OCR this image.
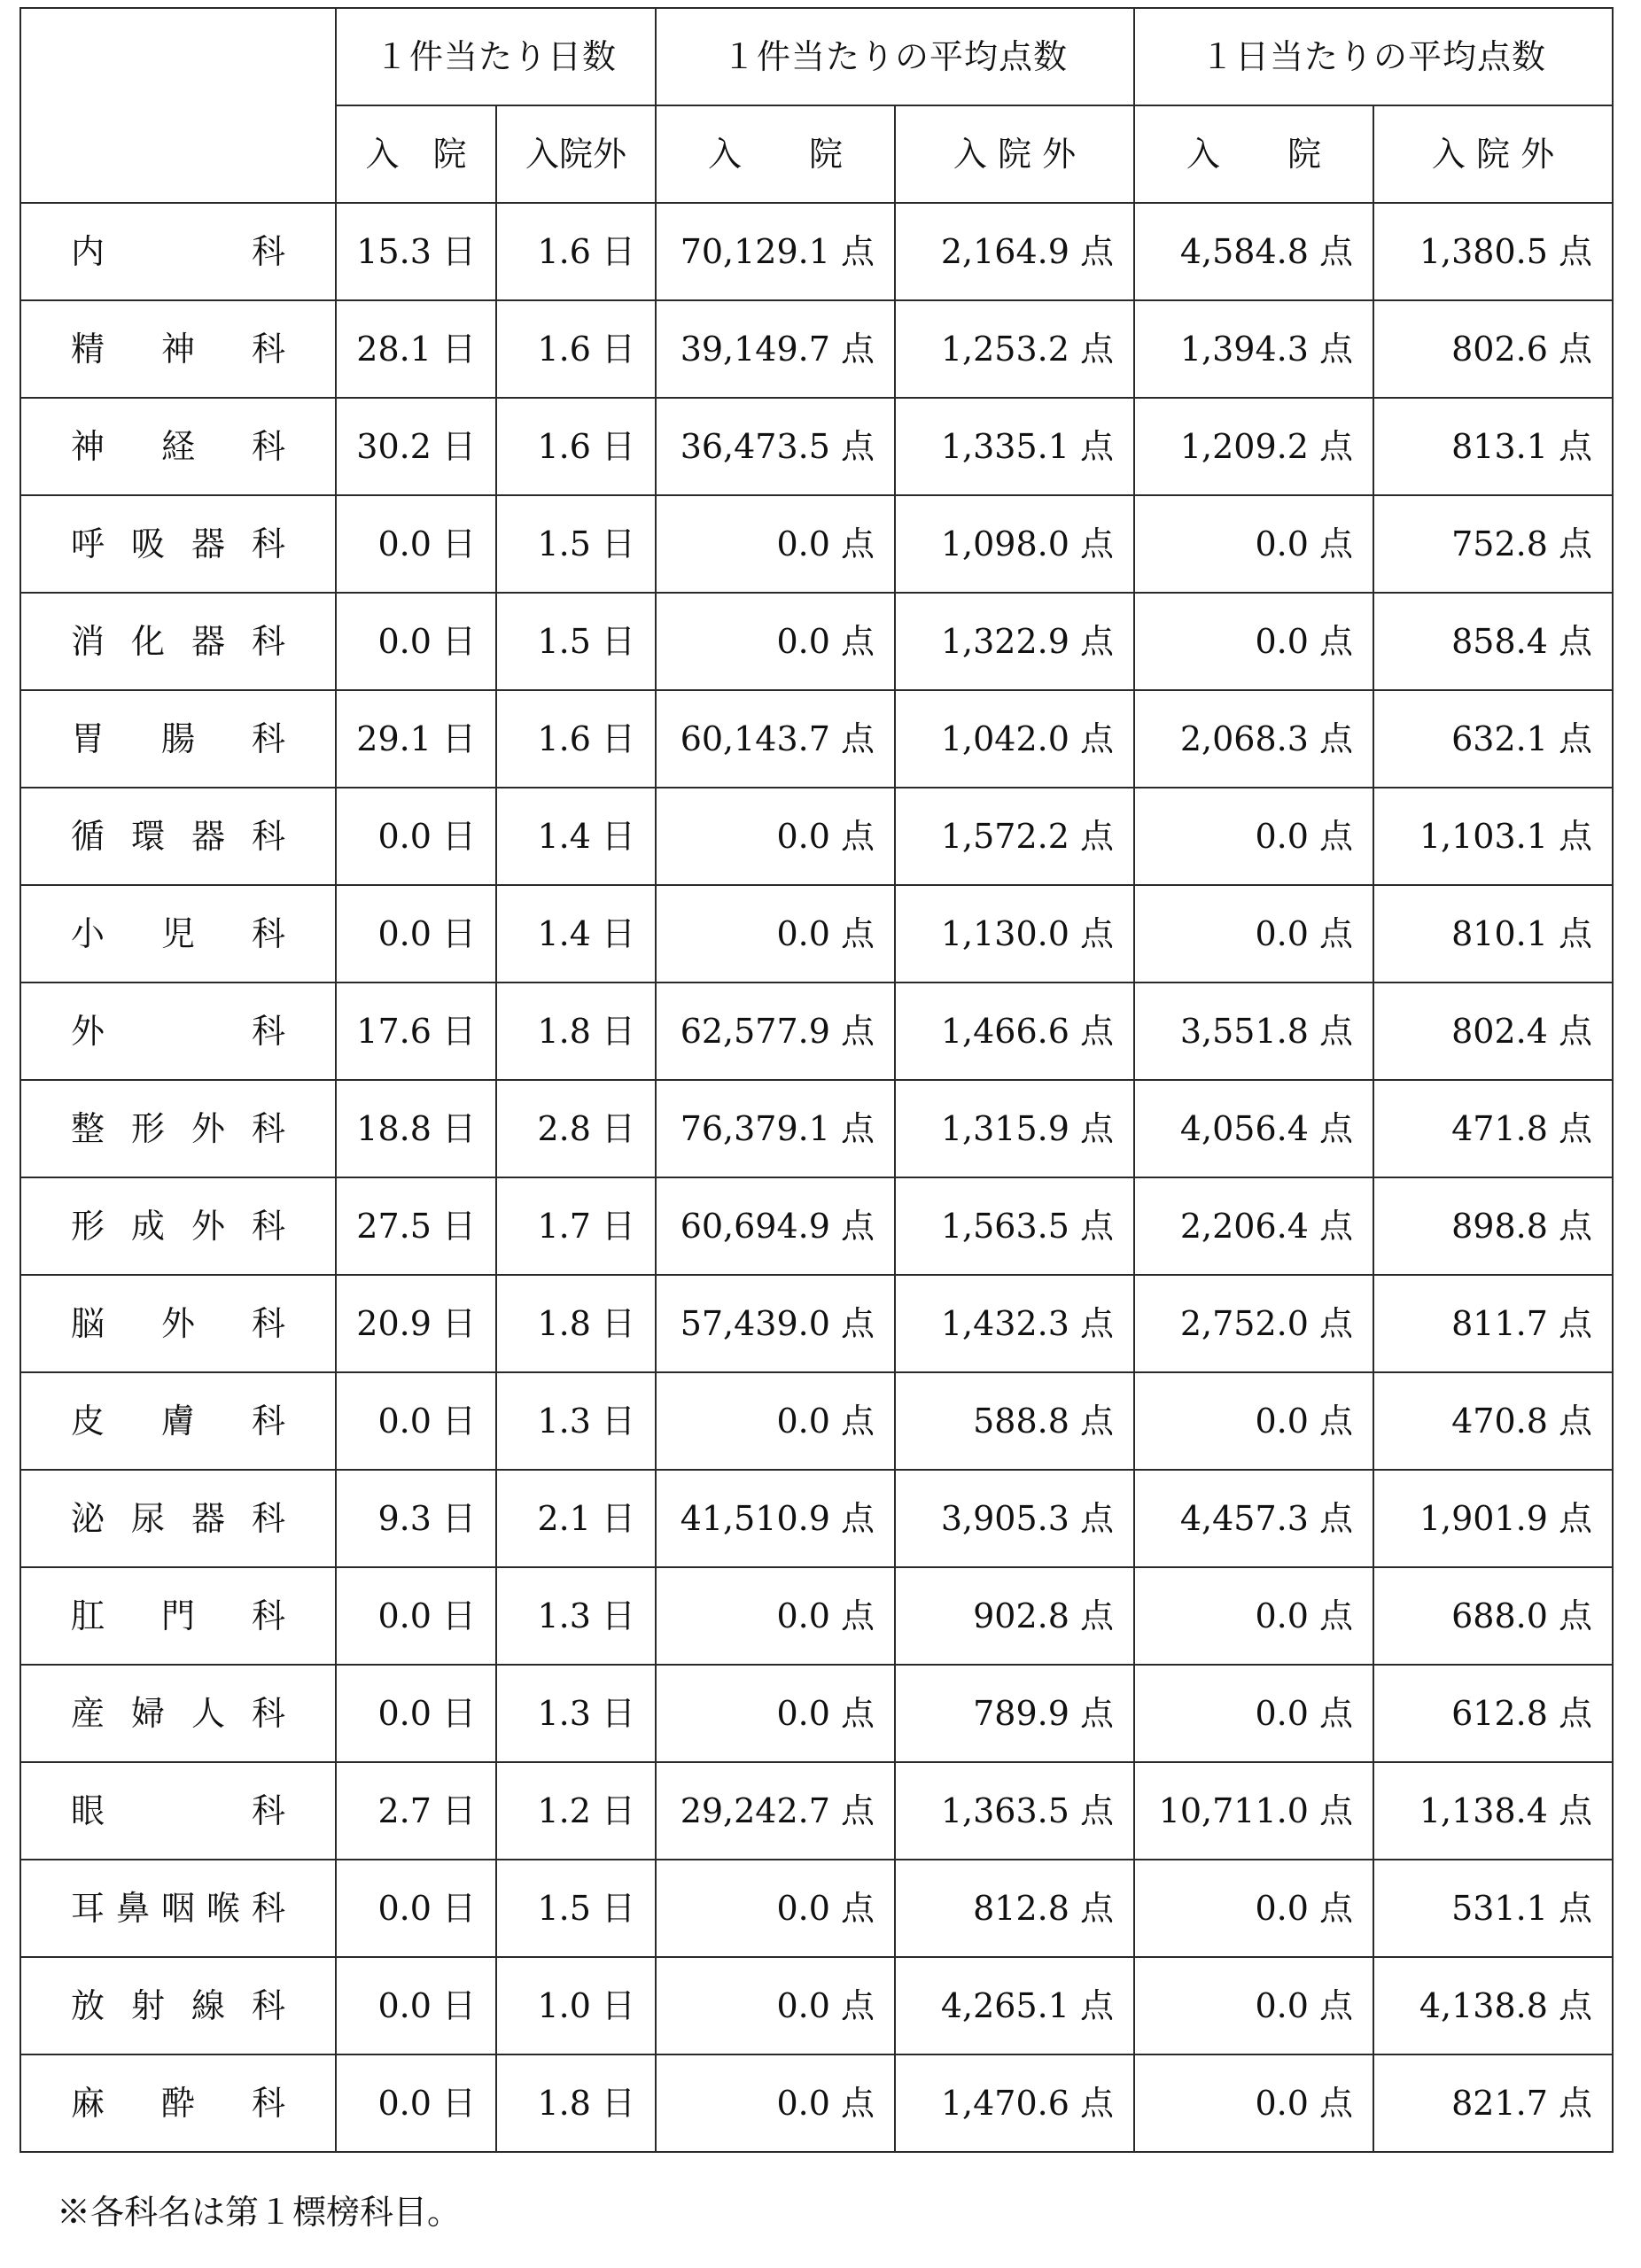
	１件当たり日数		１件当たりの平均点数		１日当たりの平均点数	
	入　院	入院外	入　　院	入 院 外	入　　院	入 院 外
内科	15.3 日	1.6 日	70,129.1 点	2,164.9 点	4,584.8 点	1,380.5 点
精神科	28.1 日	1.6 日	39,149.7 点	1,253.2 点	1,394.3 点	802.6 点
神経科	30.2 日	1.6 日	36,473.5 点	1,335.1 点	1,209.2 点	813.1 点
呼吸器科	0.0 日	1.5 日	0.0 点	1,098.0 点	0.0 点	752.8 点
消化器科	0.0 日	1.5 日	0.0 点	1,322.9 点	0.0 点	858.4 点
胃腸科	29.1 日	1.6 日	60,143.7 点	1,042.0 点	2,068.3 点	632.1 点
循環器科	0.0 日	1.4 日	0.0 点	1,572.2 点	0.0 点	1,103.1 点
小児科	0.0 日	1.4 日	0.0 点	1,130.0 点	0.0 点	810.1 点
外科	17.6 日	1.8 日	62,577.9 点	1,466.6 点	3,551.8 点	802.4 点
整形外科	18.8 日	2.8 日	76,379.1 点	1,315.9 点	4,056.4 点	471.8 点
形成外科	27.5 日	1.7 日	60,694.9 点	1,563.5 点	2,206.4 点	898.8 点
脳外科	20.9 日	1.8 日	57,439.0 点	1,432.3 点	2,752.0 点	811.7 点
皮膚科	0.0 日	1.3 日	0.0 点	588.8 点	0.0 点	470.8 点
泌尿器科	9.3 日	2.1 日	41,510.9 点	3,905.3 点	4,457.3 点	1,901.9 点
肛門科	0.0 日	1.3 日	0.0 点	902.8 点	0.0 点	688.0 点
産婦人科	0.0 日	1.3 日	0.0 点	789.9 点	0.0 点	612.8 点
眼科	2.7 日	1.2 日	29,242.7 点	1,363.5 点	10,711.0 点	1,138.4 点
耳鼻咽喉科	0.0 日	1.5 日	0.0 点	812.8 点	0.0 点	531.1 点
放射線科	0.0 日	1.0 日	0.0 点	4,265.1 点	0.0 点	4,138.8 点
麻酔科	0.0 日	1.8 日	0.0 点	1,470.6 点	0.0 点	821.7 点
※各科名は第１標榜科目。
